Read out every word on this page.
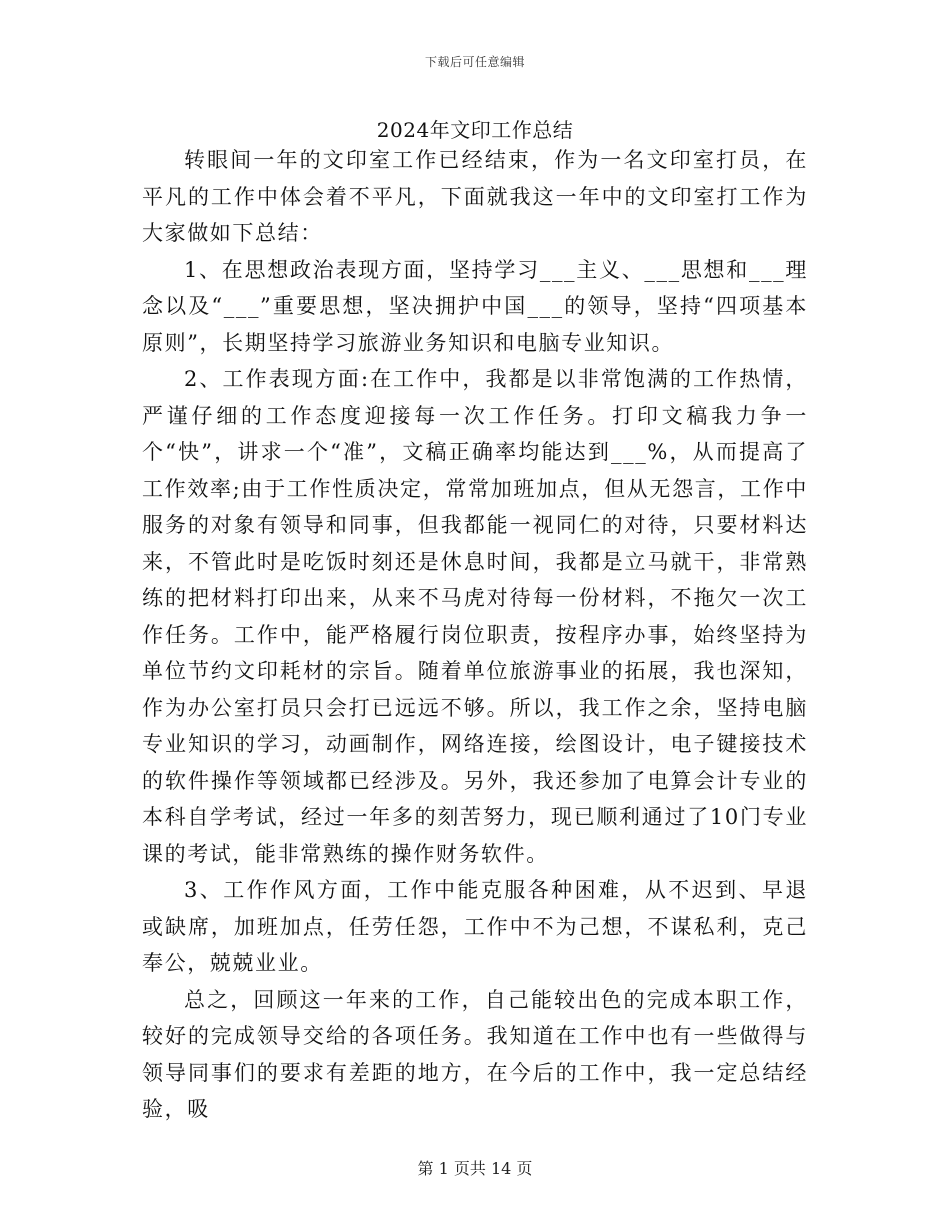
下载后可任意编辑
2024年文印工作总结

转眼间一年的文印室工作已经结束，作为一名文印室打员，在平凡的工作中体会着不平凡，下面就我这一年中的文印室打工作为大家做如下总结：

1、在思想政治表现方面，坚持学习___主义、___思想和___理念以及“___”重要思想，坚决拥护中国___的领导，坚持“四项基本原则”，长期坚持学习旅游业务知识和电脑专业知识。

2、工作表现方面:在工作中，我都是以非常饱满的工作热情，严谨仔细的工作态度迎接每一次工作任务。打印文稿我力争一个“快”，讲求一个“准”，文稿正确率均能达到___%，从而提高了工作效率;由于工作性质决定，常常加班加点，但从无怨言，工作中服务的对象有领导和同事，但我都能一视同仁的对待，只要材料达来，不管此时是吃饭时刻还是休息时间，我都是立马就干，非常熟练的把材料打印出来，从来不马虎对待每一份材料，不拖欠一次工作任务。工作中，能严格履行岗位职责，按程序办事，始终坚持为单位节约文印耗材的宗旨。随着单位旅游事业的拓展，我也深知，作为办公室打员只会打已远远不够。所以，我工作之余，坚持电脑专业知识的学习，动画制作，网络连接，绘图设计，电子键接技术的软件操作等领域都已经涉及。另外，我还参加了电算会计专业的本科自学考试，经过一年多的刻苦努力，现已顺利通过了10门专业课的考试，能非常熟练的操作财务软件。

3、工作作风方面，工作中能克服各种困难，从不迟到、早退或缺席，加班加点，任劳任怨，工作中不为己想，不谋私利，克己奉公，兢兢业业。

总之，回顾这一年来的工作，自己能较出色的完成本职工作，较好的完成领导交给的各项任务。我知道在工作中也有一些做得与领导同事们的要求有差距的地方，在今后的工作中，我一定总结经验，吸

第 1 页共 14 页
